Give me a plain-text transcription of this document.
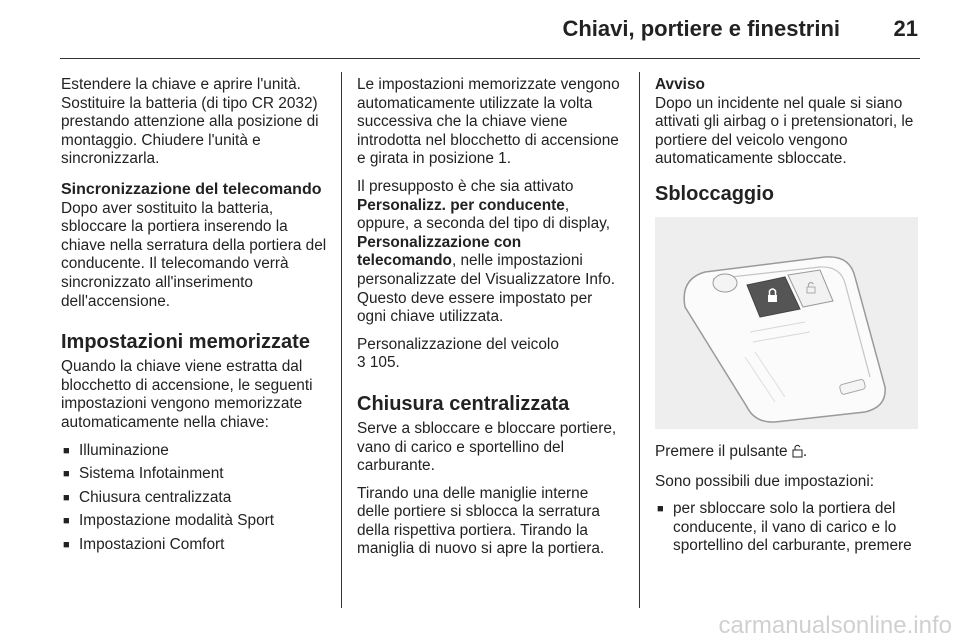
Chiavi, portiere e finestrini 21

Estendere la chiave e aprire l'unità. Sostituire la batteria (di tipo CR 2032) prestando attenzione alla posizione di montaggio. Chiudere l'unità e sincronizzarla.

Sincronizzazione del telecomando

Dopo aver sostituito la batteria, sbloccare la portiera inserendo la chiave nella serratura della portiera del conducente. Il telecomando verrà sincronizzato all'inserimento dell'accensione.

Impostazioni memorizzate

Quando la chiave viene estratta dal blocchetto di accensione, le seguenti impostazioni vengono memorizzate automaticamente nella chiave:

■ Illuminazione
■ Sistema Infotainment
■ Chiusura centralizzata
■ Impostazione modalità Sport
■ Impostazioni Comfort

Le impostazioni memorizzate vengono automaticamente utilizzate la volta successiva che la chiave viene introdotta nel blocchetto di accensione e girata in posizione 1.

Il presupposto è che sia attivato Personalizz. per conducente, oppure, a seconda del tipo di display, Personalizzazione con telecomando, nelle impostazioni personalizzate del Visualizzatore Info. Questo deve essere impostato per ogni chiave utilizzata.

Personalizzazione del veicolo
3 105.

Chiusura centralizzata

Serve a sbloccare e bloccare portiere, vano di carico e sportellino del carburante.

Tirando una delle maniglie interne delle portiere si sblocca la serratura della rispettiva portiera. Tirando la maniglia di nuovo si apre la portiera.

Avviso

Dopo un incidente nel quale si siano attivati gli airbag o i pretensionatori, le portiere del veicolo vengono automaticamente sbloccate.

Sbloccaggio

Premere il pulsante .

Sono possibili due impostazioni:

■ per sbloccare solo la portiera del conducente, il vano di carico e lo sportellino del carburante, premere
carmanualsonline.info
